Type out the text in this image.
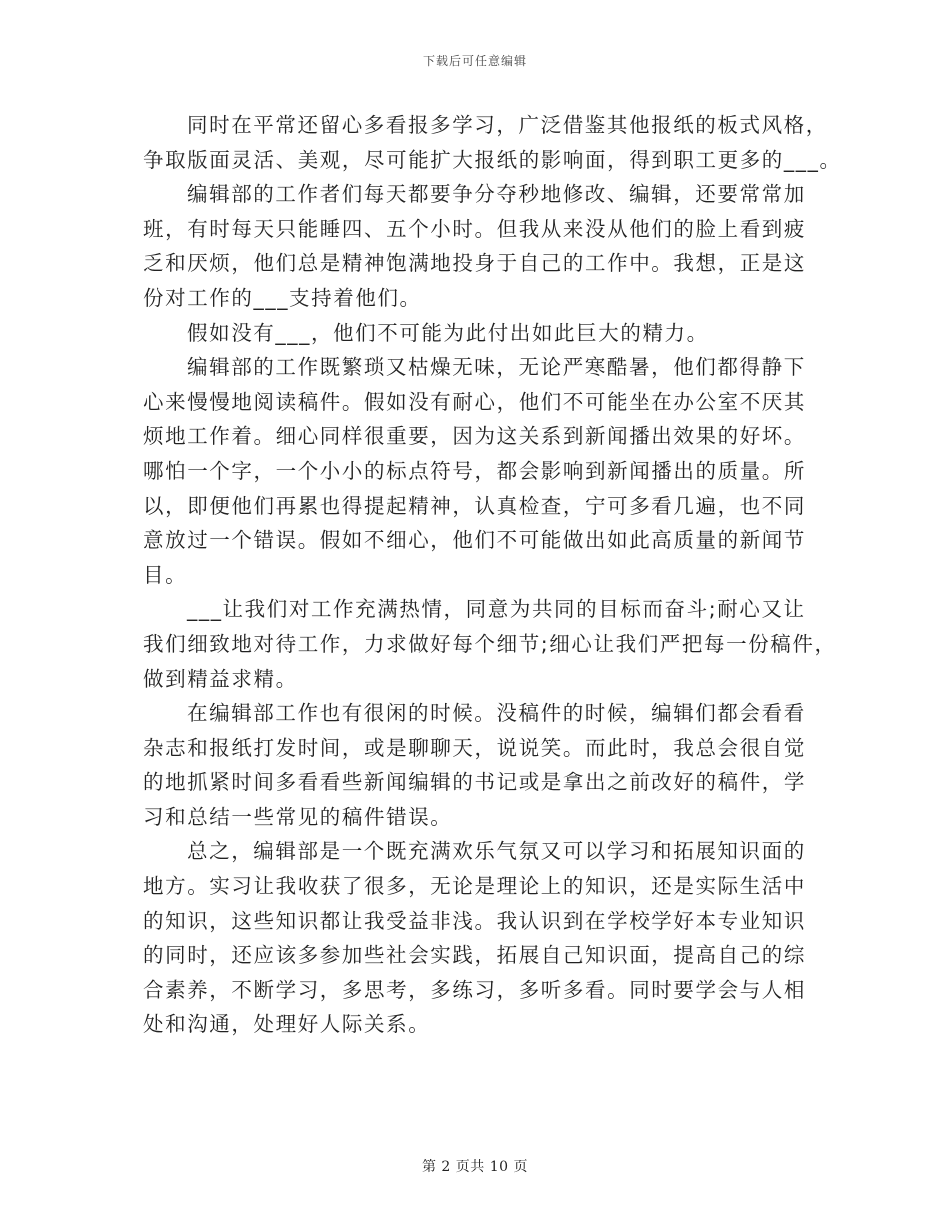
下载后可任意编辑

同时在平常还留心多看报多学习，广泛借鉴其他报纸的板式风格，
争取版面灵活、美观，尽可能扩大报纸的影响面，得到职工更多的___。

编辑部的工作者们每天都要争分夺秒地修改、编辑，还要常常加
班，有时每天只能睡四、五个小时。但我从来没从他们的脸上看到疲
乏和厌烦，他们总是精神饱满地投身于自己的工作中。我想，正是这
份对工作的___支持着他们。

假如没有___，他们不可能为此付出如此巨大的精力。

编辑部的工作既繁琐又枯燥无味，无论严寒酷暑，他们都得静下
心来慢慢地阅读稿件。假如没有耐心，他们不可能坐在办公室不厌其
烦地工作着。细心同样很重要，因为这关系到新闻播出效果的好坏。
哪怕一个字，一个小小的标点符号，都会影响到新闻播出的质量。所
以，即便他们再累也得提起精神，认真检查，宁可多看几遍，也不同
意放过一个错误。假如不细心，他们不可能做出如此高质量的新闻节
目。

___让我们对工作充满热情，同意为共同的目标而奋斗;耐心又让
我们细致地对待工作，力求做好每个细节;细心让我们严把每一份稿件，
做到精益求精。

在编辑部工作也有很闲的时候。没稿件的时候，编辑们都会看看
杂志和报纸打发时间，或是聊聊天，说说笑。而此时，我总会很自觉
的地抓紧时间多看看些新闻编辑的书记或是拿出之前改好的稿件，学
习和总结一些常见的稿件错误。

总之，编辑部是一个既充满欢乐气氛又可以学习和拓展知识面的
地方。实习让我收获了很多，无论是理论上的知识，还是实际生活中
的知识，这些知识都让我受益非浅。我认识到在学校学好本专业知识
的同时，还应该多参加些社会实践，拓展自己知识面，提高自己的综
合素养，不断学习，多思考，多练习，多听多看。同时要学会与人相
处和沟通，处理好人际关系。

第 2 页共 10 页
